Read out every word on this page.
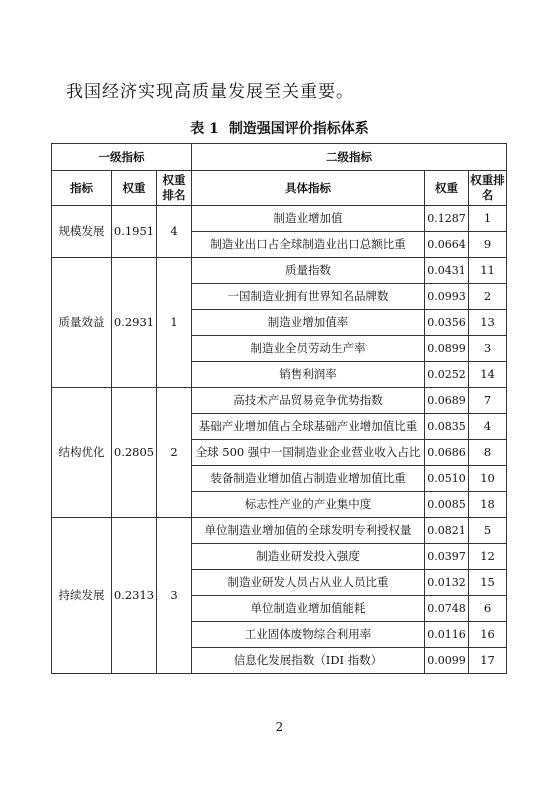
我国经济实现高质量发展至关重要。
表 1 制造强国评价指标体系
一级指标			二级指标		
指标	权重	权重排名	具体指标	权重	权重排名
规模发展	0.1951	4	制造业增加值	0.1287	1
			制造业出口占全球制造业出口总额比重	0.0664	9
质量效益	0.2931	1	质量指数	0.0431	11
			一国制造业拥有世界知名品牌数	0.0993	2
			制造业增加值率	0.0356	13
			制造业全员劳动生产率	0.0899	3
			销售利润率	0.0252	14
结构优化	0.2805	2	高技术产品贸易竞争优势指数	0.0689	7
			基础产业增加值占全球基础产业增加值比重	0.0835	4
			全球 500 强中一国制造业企业营业收入占比	0.0686	8
			装备制造业增加值占制造业增加值比重	0.0510	10
			标志性产业的产业集中度	0.0085	18
持续发展	0.2313	3	单位制造业增加值的全球发明专利授权量	0.0821	5
			制造业研发投入强度	0.0397	12
			制造业研发人员占从业人员比重	0.0132	15
			单位制造业增加值能耗	0.0748	6
			工业固体废物综合利用率	0.0116	16
			信息化发展指数（IDI 指数）	0.0099	17
2
